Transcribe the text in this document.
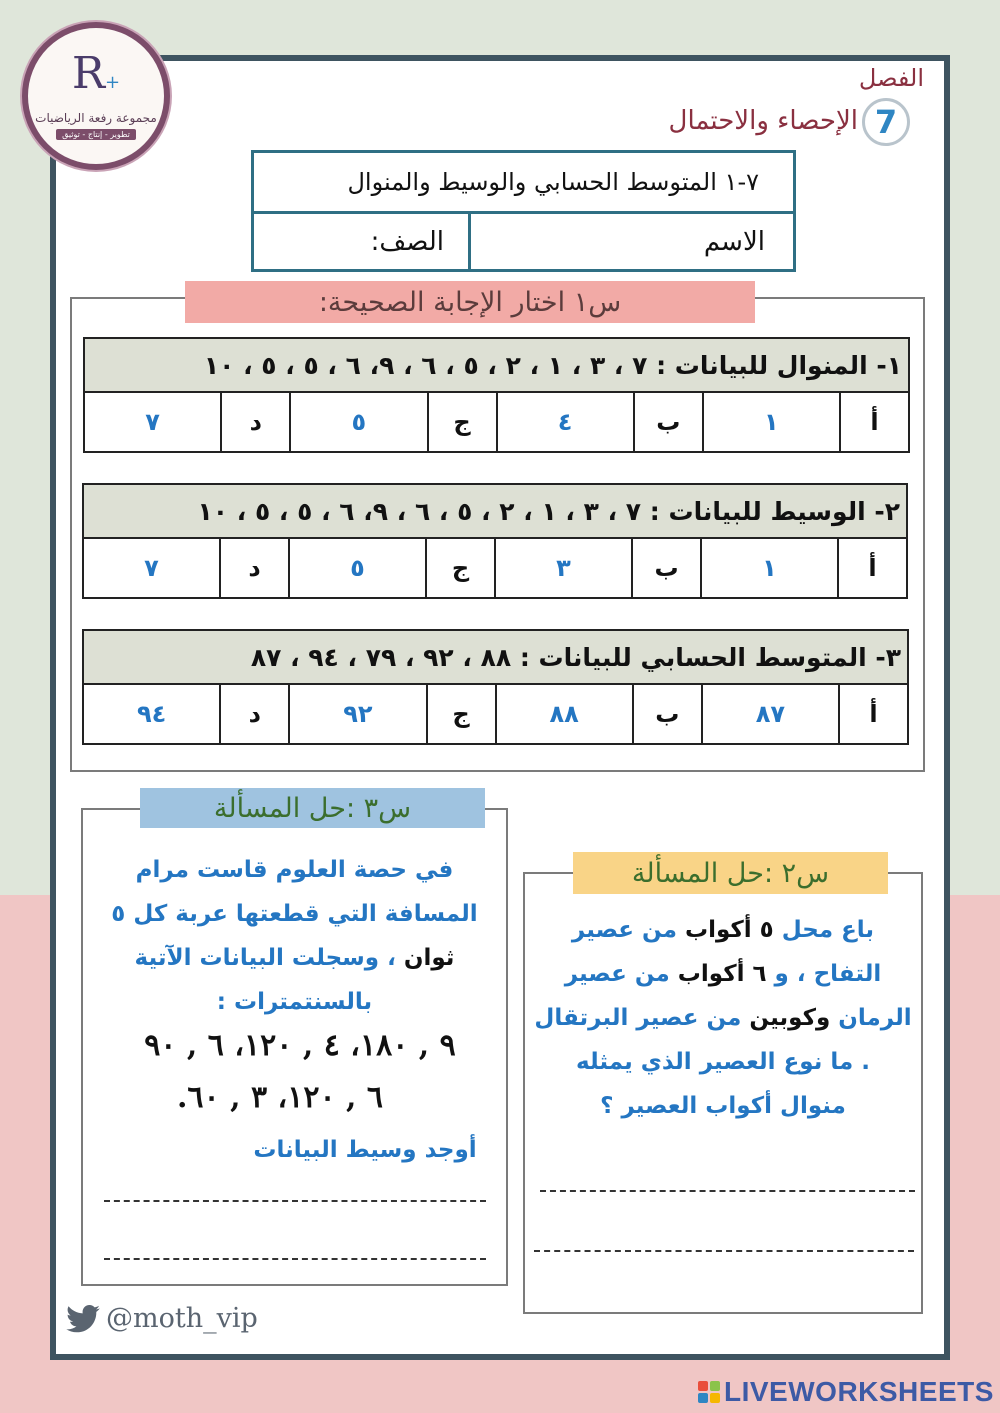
R+
مجموعة رفعة الرياضيات
تطوير - إنتاج - توثيق
الفصل
7
الإحصاء والاحتمال
٧-١ المتوسط الحسابي والوسيط والمنوال
الاسم
الصف:
س١ اختار الإجابة الصحيحة:
١- المنوال للبيانات : ٧ ، ٣ ، ١ ، ٢ ، ٥ ، ٦ ، ٩، ٦ ، ٥ ، ٥ ، ١٠
أ
١
ب
٤
ج
٥
د
٧
٢- الوسيط للبيانات : ٧ ، ٣ ، ١ ، ٢ ، ٥ ، ٦ ، ٩، ٦ ، ٥ ، ٥ ، ١٠
أ
١
ب
٣
ج
٥
د
٧
٣- المتوسط الحسابي للبيانات : ٨٨ ، ٩٢ ، ٧٩ ، ٩٤ ، ٨٧
أ
٨٧
ب
٨٨
ج
٩٢
د
٩٤
س٣ :حل المسألة
في حصة العلوم قاست مرام
المسافة التي قطعتها عربة كل ٥
ثوان ، وسجلت البيانات الآتية
بالسنتمترات :
٩ , ١٨٠، ٤ , ١٢٠، ٦ , ٩٠
٦ , ١٢٠، ٣ , ٦٠.
أوجد وسيط البيانات
س٢ :حل المسألة
باع محل ٥ أكواب من عصير
التفاح ، و ٦ أكواب من عصير
الرمان وكوبين من عصير البرتقال
. ما نوع العصير الذي يمثله
منوال أكواب العصير ؟
@moth_vip
LIVEWORKSHEETS
